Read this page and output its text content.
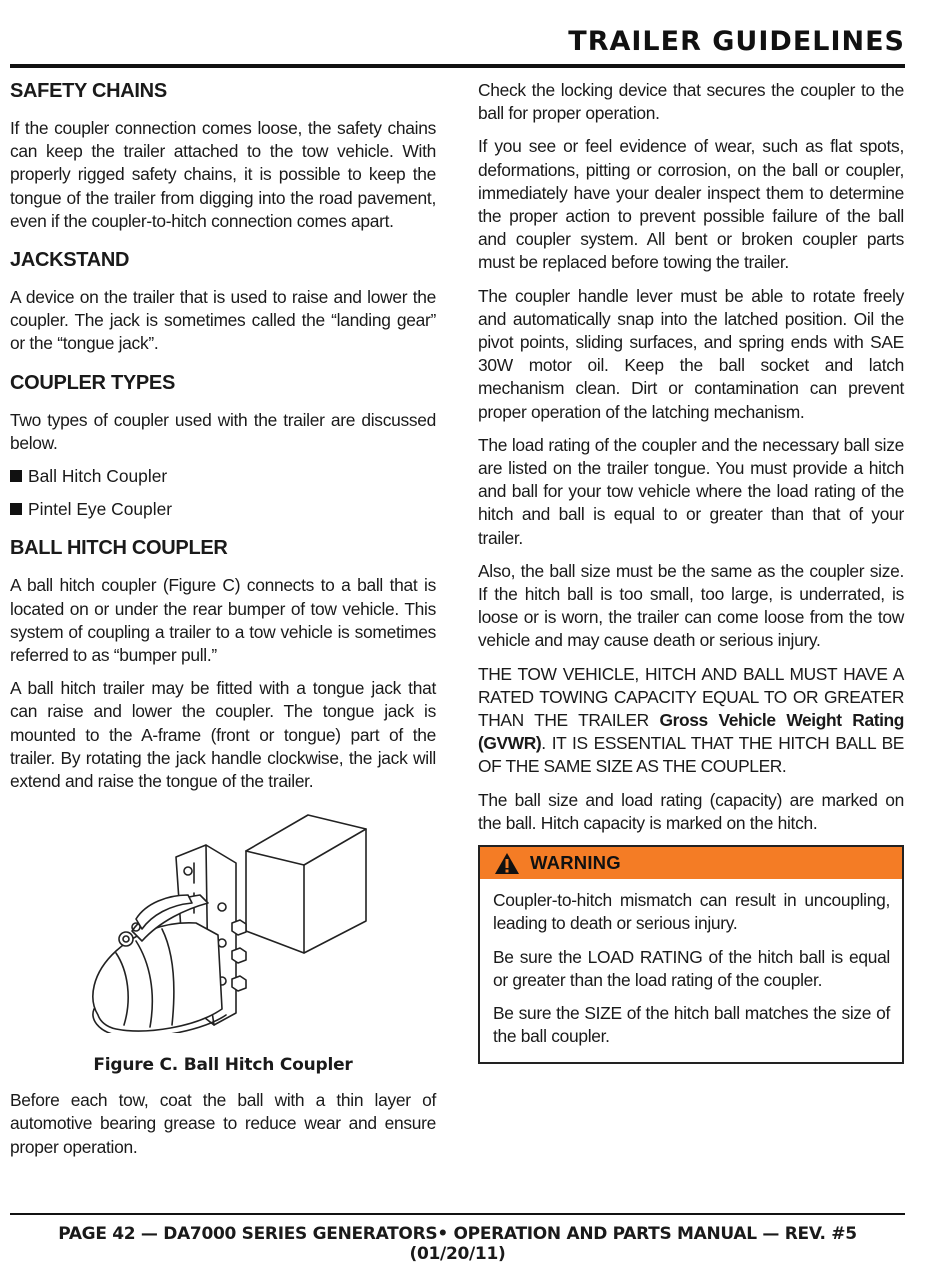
TRAILER GUIDELINES
SAFETY CHAINS

If the coupler connection comes loose, the safety chains can keep the trailer attached to the tow vehicle. With properly rigged safety chains, it is possible to keep the tongue of the trailer from digging into the road pavement, even if the coupler-to-hitch connection comes apart.

JACKSTAND

A device on the trailer that is used to raise and lower the coupler. The jack is sometimes called the “landing gear” or the “tongue jack”.

COUPLER TYPES

Two types of coupler used with the trailer are discussed below.

Ball Hitch Coupler
Pintel Eye Coupler
BALL HITCH COUPLER

A ball hitch coupler (Figure C) connects to a ball that is located on or under the rear bumper of tow vehicle. This system of coupling a trailer to a tow vehicle is sometimes referred to as “bumper pull.”

A ball hitch trailer may be fitted with a tongue jack that can raise and lower the coupler. The tongue jack is mounted to the A-frame (front or tongue) part of the trailer. By rotating the jack handle clockwise, the jack will extend and raise the tongue of the trailer.

Figure C. Ball Hitch Coupler

Before each tow, coat the ball with a thin layer of automotive bearing grease to reduce wear and ensure proper operation.

Check the locking device that secures the coupler to the ball for proper operation.

If you see or feel evidence of wear, such as flat spots, deformations, pitting or corrosion, on the ball or coupler, immediately have your dealer inspect them to determine the proper action to prevent possible failure of the ball and coupler system. All bent or broken coupler parts must be replaced before towing the trailer.

The coupler handle lever must be able to rotate freely and automatically snap into the latched position. Oil the pivot points, sliding surfaces, and spring ends with SAE 30W motor oil. Keep the ball socket and latch mechanism clean. Dirt or contamination can prevent proper operation of the latching mechanism.

The load rating of the coupler and the necessary ball size are listed on the trailer tongue. You must provide a hitch and ball for your tow vehicle where the load rating of the hitch and ball is equal to or greater than that of your trailer.

Also, the ball size must be the same as the coupler size. If the hitch ball is too small, too large, is underrated, is loose or is worn, the trailer can come loose from the tow vehicle and may cause death or serious injury.

THE TOW VEHICLE, HITCH AND BALL MUST HAVE A RATED TOWING CAPACITY EQUAL TO OR GREATER THAN THE TRAILER Gross Vehicle Weight Rating (GVWR). IT IS ESSENTIAL THAT THE HITCH BALL BE OF THE SAME SIZE AS THE COUPLER.

The ball size and load rating (capacity) are marked on the ball. Hitch capacity is marked on the hitch.

WARNING

Coupler-to-hitch mismatch can result in uncoupling, leading to death or serious injury.

Be sure the LOAD RATING of the hitch ball is equal or greater than the load rating of the coupler.

Be sure the SIZE of the hitch ball matches the size of the ball coupler.

PAGE 42 — DA7000 SERIES GENERATORS• OPERATION AND PARTS MANUAL — REV. #5 (01/20/11)
